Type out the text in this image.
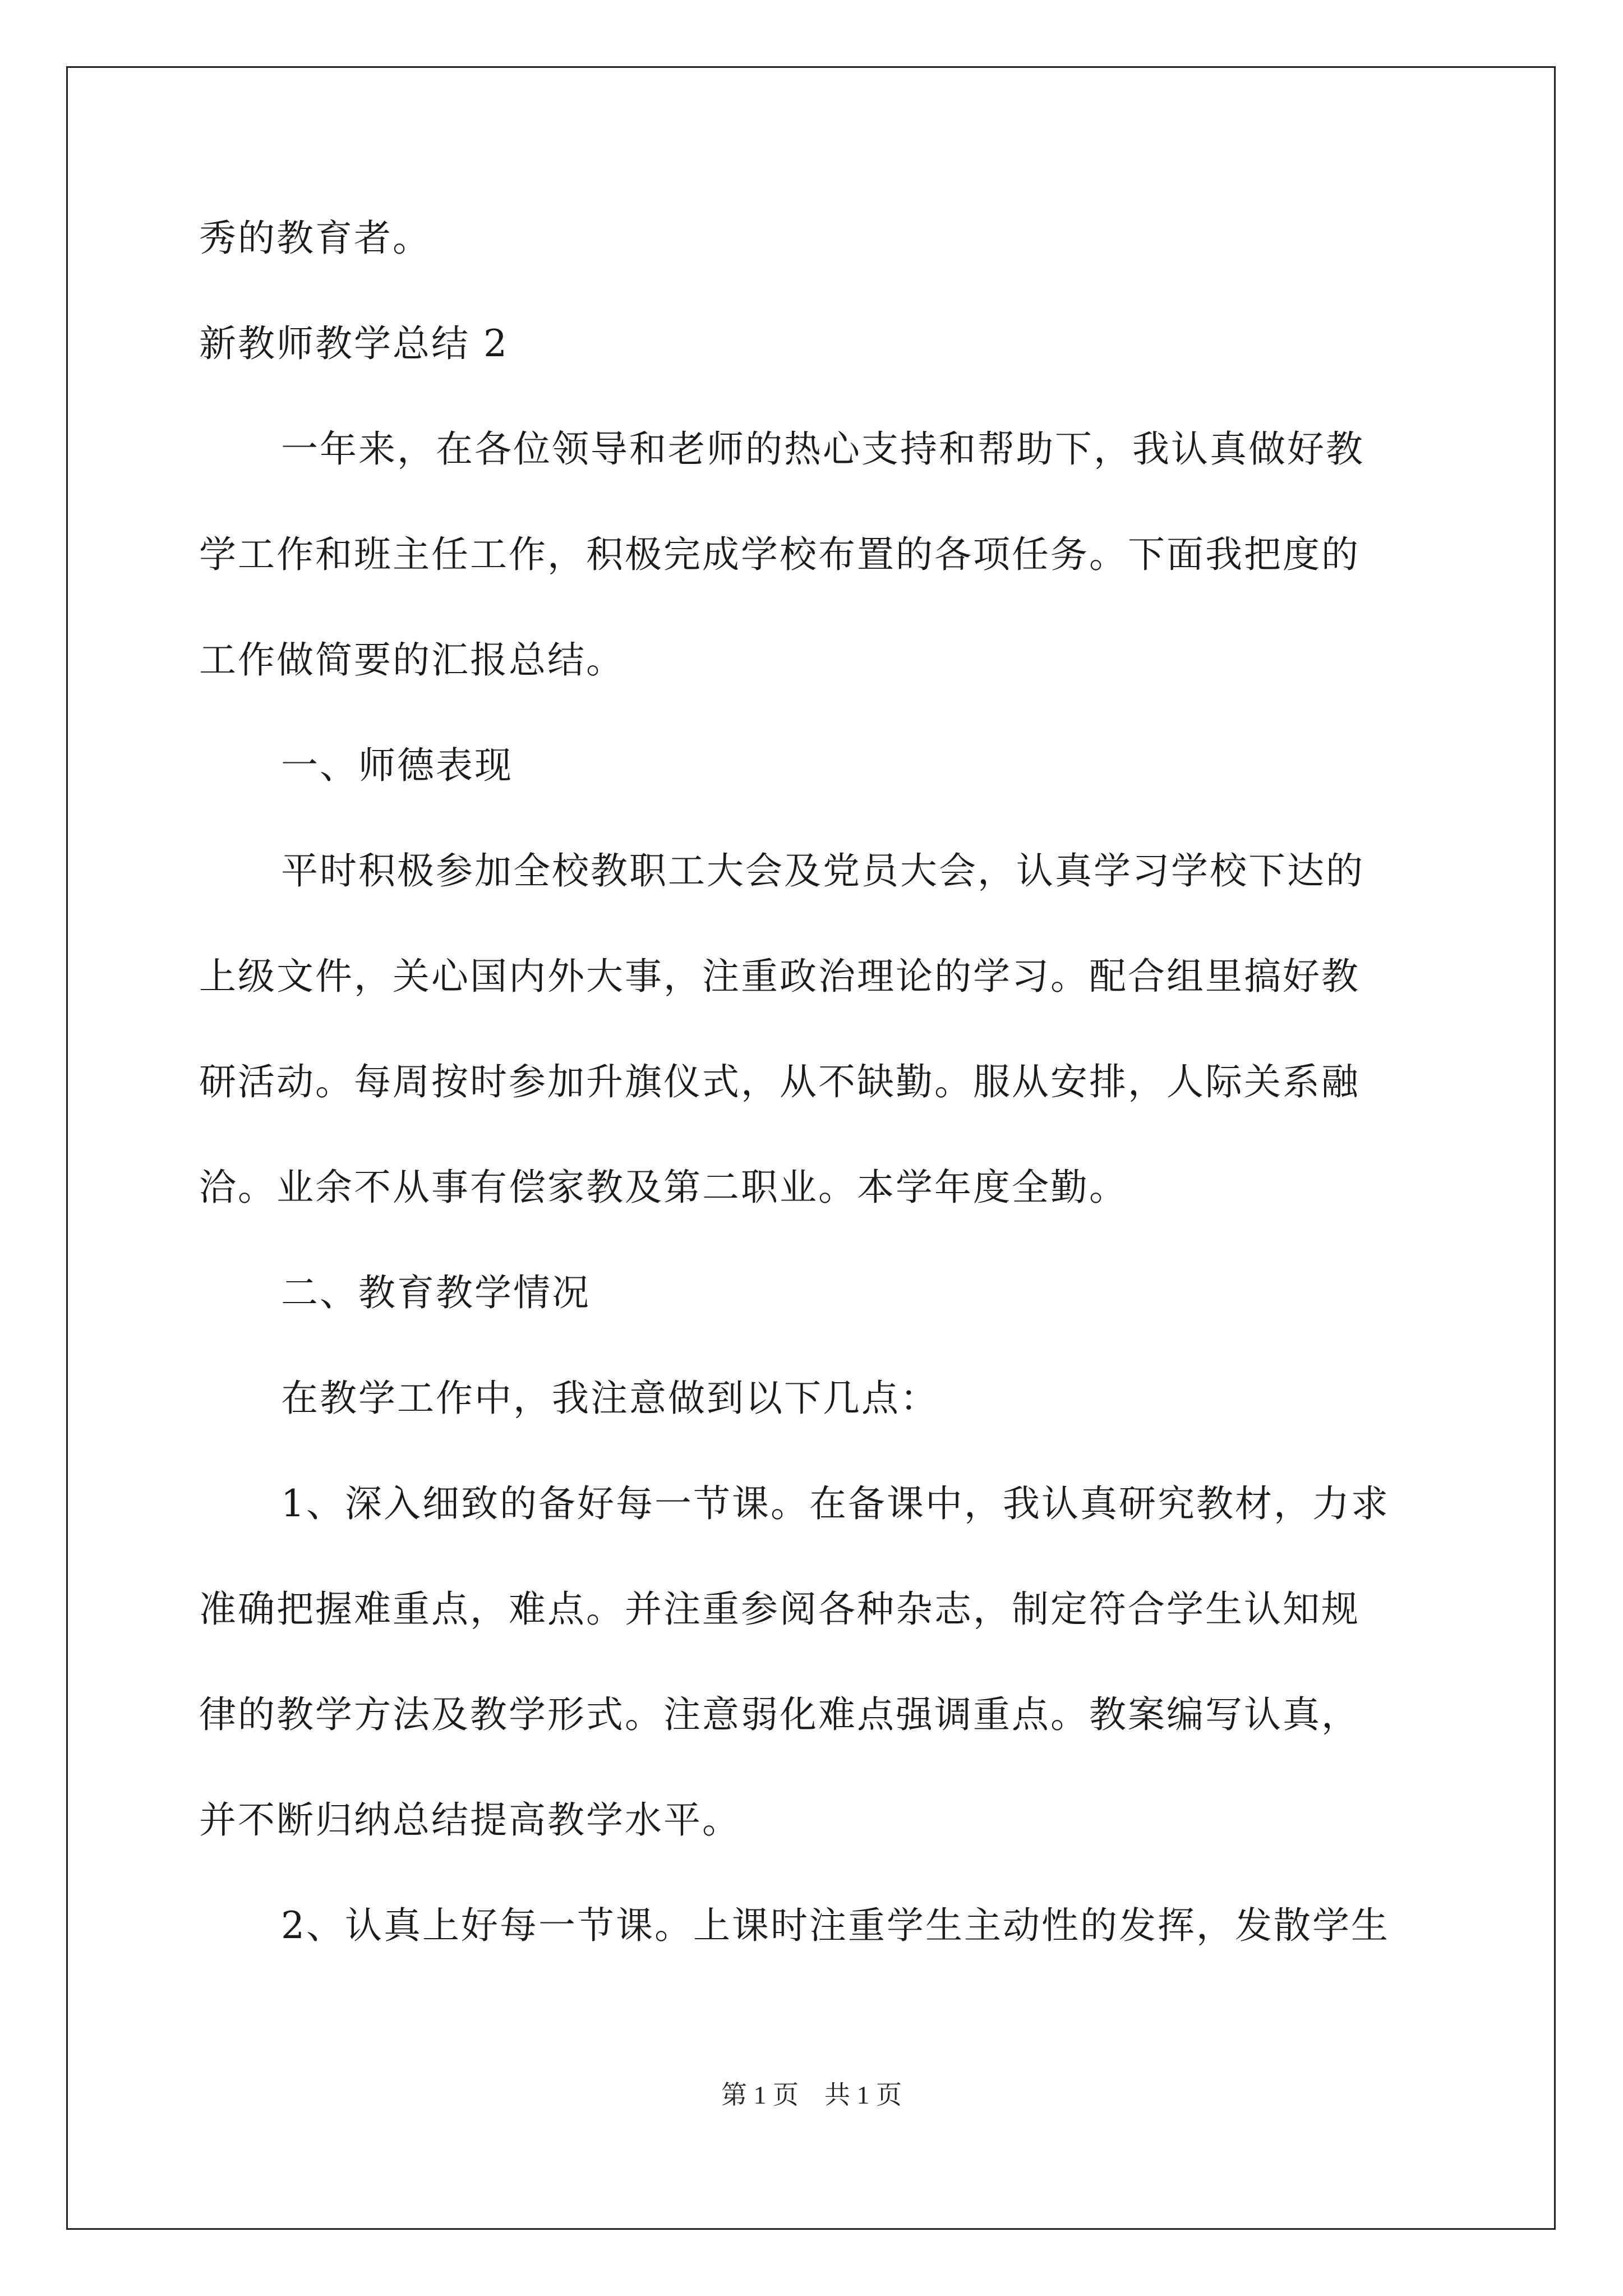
秀的教育者。
新教师教学总结 2
一年来，在各位领导和老师的热心支持和帮助下，我认真做好教
学工作和班主任工作，积极完成学校布置的各项任务。下面我把度的
工作做简要的汇报总结。
一、师德表现
平时积极参加全校教职工大会及党员大会，认真学习学校下达的
上级文件，关心国内外大事，注重政治理论的学习。配合组里搞好教
研活动。每周按时参加升旗仪式，从不缺勤。服从安排，人际关系融
洽。业余不从事有偿家教及第二职业。本学年度全勤。
二、教育教学情况
在教学工作中，我注意做到以下几点：
1、深入细致的备好每一节课。在备课中，我认真研究教材，力求
准确把握难重点，难点。并注重参阅各种杂志，制定符合学生认知规
律的教学方法及教学形式。注意弱化难点强调重点。教案编写认真，
并不断归纳总结提高教学水平。
2、认真上好每一节课。上课时注重学生主动性的发挥，发散学生
第 1 页　共 1 页
